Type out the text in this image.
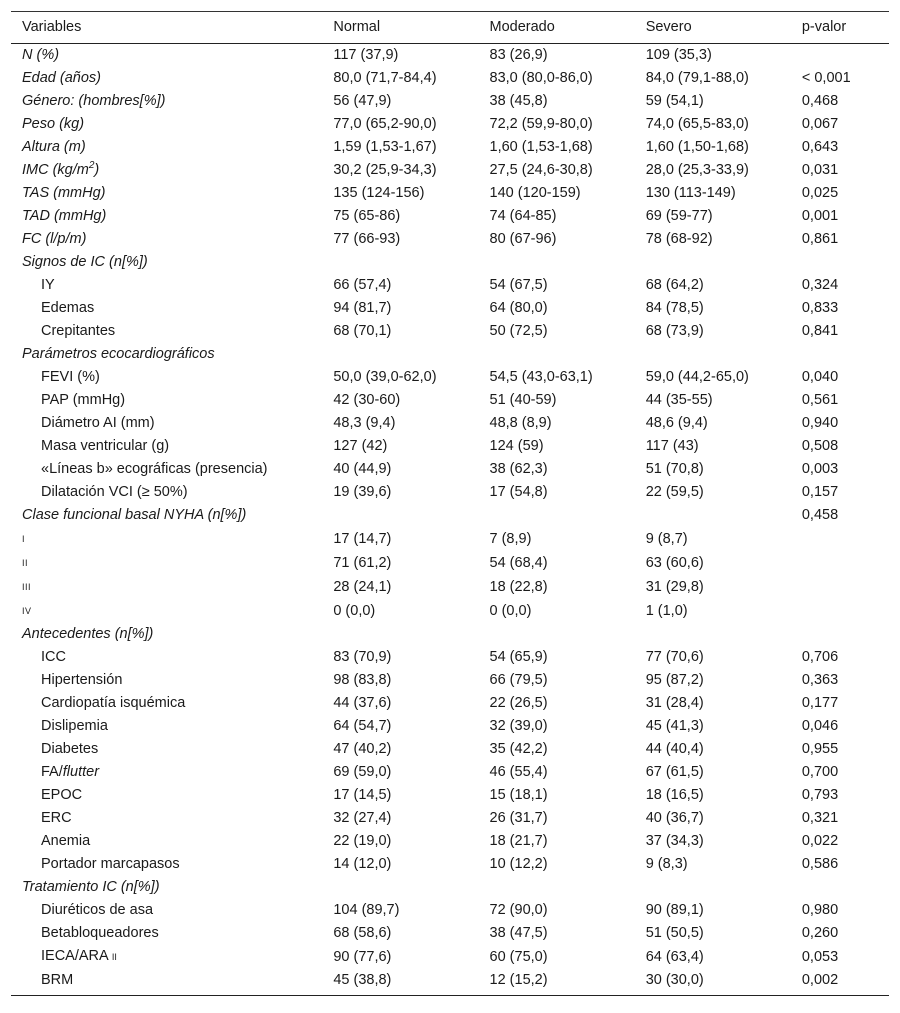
Variables	Normal	Moderado	Severo	p-valor
N (%)	117 (37,9)	83 (26,9)	109 (35,3)	
Edad (años)	80,0 (71,7-84,4)	83,0 (80,0-86,0)	84,0 (79,1-88,0)	< 0,001
Género: (hombres[%])	56 (47,9)	38 (45,8)	59 (54,1)	0,468
Peso (kg)	77,0 (65,2-90,0)	72,2 (59,9-80,0)	74,0 (65,5-83,0)	0,067
Altura (m)	1,59 (1,53-1,67)	1,60 (1,53-1,68)	1,60 (1,50-1,68)	0,643
IMC $(kg/m^2)$	30,2 (25,9-34,3)	27,5 (24,6-30,8)	28,0 (25,3-33,9)	0,031
TAS (mmHg)	135 (124-156)	140 (120-159)	130 (113-149)	0,025
TAD (mmHg)	75 (65-86)	74 (64-85)	69 (59-77)	0,001
FC (l/p/m)	77 (66-93)	80 (67-96)	78 (68-92)	0,861
Signos de IC (n[%])				
IY	66 (57,4)	54 (67,5)	68 (64,2)	0,324
Edemas	94 (81,7)	64 (80,0)	84 (78,5)	0,833
Crepitantes	68 (70,1)	50 (72,5)	68 (73,9)	0,841
Parámetros ecocardiográficos				
FEVI (%)	50,0 (39,0-62,0)	54,5 (43,0-63,1)	59,0 (44,2-65,0)	0,040
PAP (mmHg)	42 (30-60)	51 (40-59)	44 (35-55)	0,561
Diámetro AI (mm)	48,3 (9,4)	48,8 (8,9)	48,6 (9,4)	0,940
Masa ventricular (g)	127 (42)	124 (59)	117 (43)	0,508
«Líneas b» ecográficas (presencia)	40 (44,9)	38 (62,3)	51 (70,8)	0,003
Dilatación VCI (≥ 50%)	19 (39,6)	17 (54,8)	22 (59,5)	0,157
Clase funcional basal NYHA (n[%])				0,458
I	17 (14,7)	7 (8,9)	9 (8,7)	
II	71 (61,2)	54 (68,4)	63 (60,6)	
III	28 (24,1)	18 (22,8)	31 (29,8)	
IV	0 (0,0)	0 (0,0)	1 (1,0)	
Antecedentes (n[%])				
ICC	83 (70,9)	54 (65,9)	77 (70,6)	0,706
Hipertensión	98 (83,8)	66 (79,5)	95 (87,2)	0,363
Cardiopatía isquémica	44 (37,6)	22 (26,5)	31 (28,4)	0,177
Dislipemia	64 (54,7)	32 (39,0)	45 (41,3)	0,046
Diabetes	47 (40,2)	35 (42,2)	44 (40,4)	0,955
FA/flutter	69 (59,0)	46 (55,4)	67 (61,5)	0,700
EPOC	17 (14,5)	15 (18,1)	18 (16,5)	0,793
ERC	32 (27,4)	26 (31,7)	40 (36,7)	0,321
Anemia	22 (19,0)	18 (21,7)	37 (34,3)	0,022
Portador marcapasos	14 (12,0)	10 (12,2)	9 (8,3)	0,586
Tratamiento IC (n[%])				
Diuréticos de asa	104 (89,7)	72 (90,0)	90 (89,1)	0,980
Betabloqueadores	68 (58,6)	38 (47,5)	51 (50,5)	0,260
IECA/ARA II	90 (77,6)	60 (75,0)	64 (63,4)	0,053
BRM	45 (38,8)	12 (15,2)	30 (30,0)	0,002
